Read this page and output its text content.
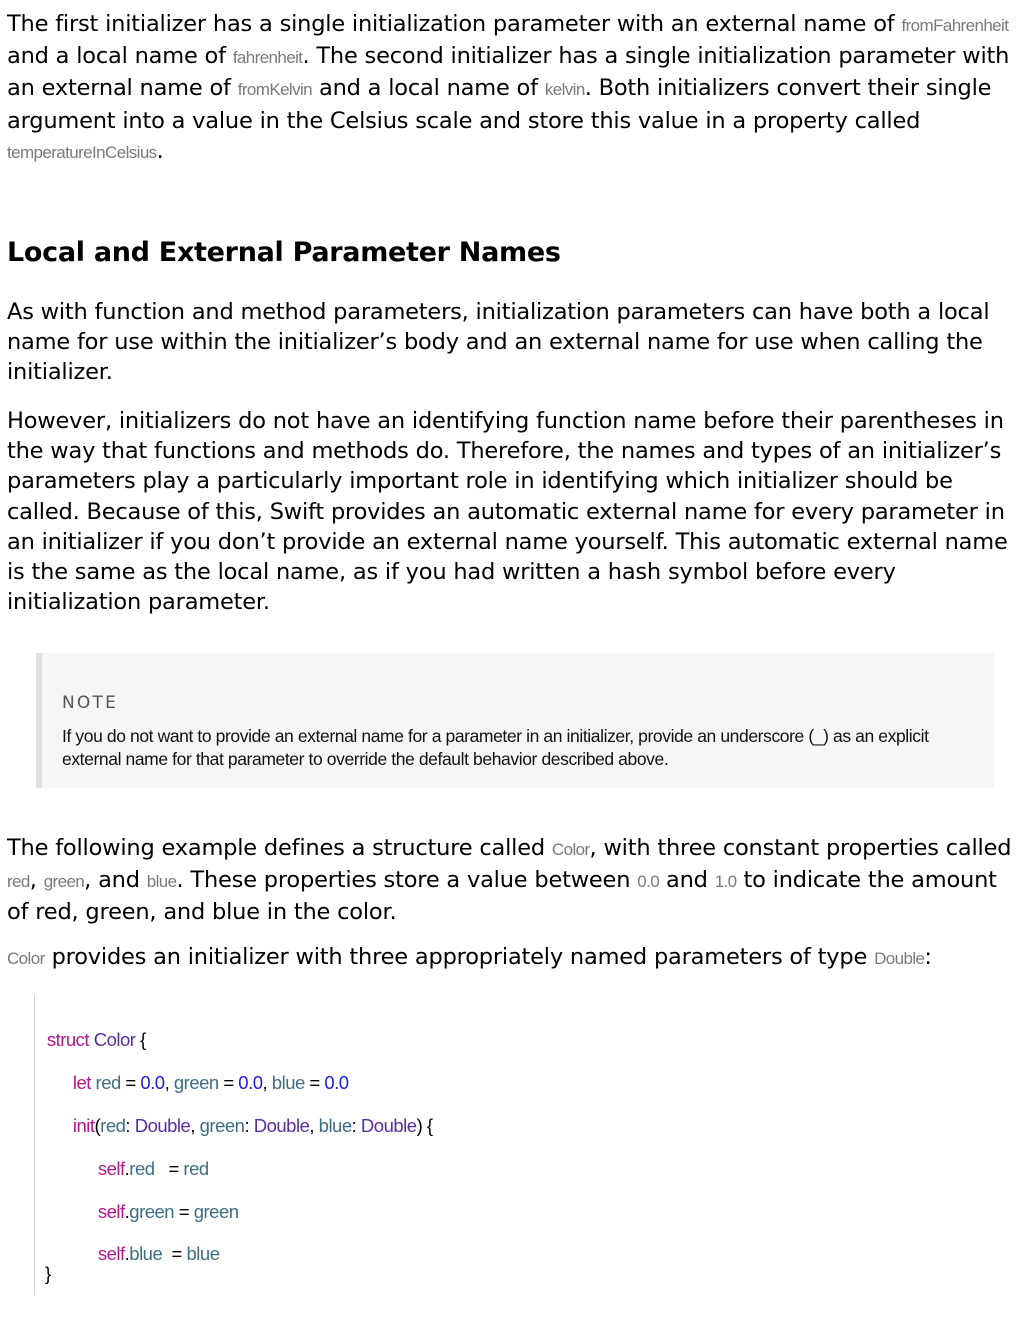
The first initializer has a single initialization parameter with an external name of fromFahrenheit and a local name of fahrenheit. The second initializer has a single initialization parameter with an external name of fromKelvin and a local name of kelvin. Both initializers convert their single argument into a value in the Celsius scale and store this value in a property called temperatureInCelsius.

Local and External Parameter Names

As with function and method parameters, initialization parameters can have both a local name for use within the initializer’s body and an external name for use when calling the initializer.

However, initializers do not have an identifying function name before their parentheses in the way that functions and methods do. Therefore, the names and types of an initializer’s parameters play a particularly important role in identifying which initializer should be called. Because of this, Swift provides an automatic external name for every parameter in an initializer if you don’t provide an external name yourself. This automatic external name is the same as the local name, as if you had written a hash symbol before every initialization parameter.

NOTE
If you do not want to provide an external name for a parameter in an initializer, provide an underscore (_) as an explicit external name for that parameter to override the default behavior described above.

The following example defines a structure called Color, with three constant properties called red, green, and blue. These properties store a value between 0.0 and 1.0 to indicate the amount of red, green, and blue in the color.

Color provides an initializer with three appropriately named parameters of type Double:

struct Color {

let red = 0.0, green = 0.0, blue = 0.0

init(red: Double, green: Double, blue: Double) {

self.red   = red

self.green = green

self.blue  = blue

}
